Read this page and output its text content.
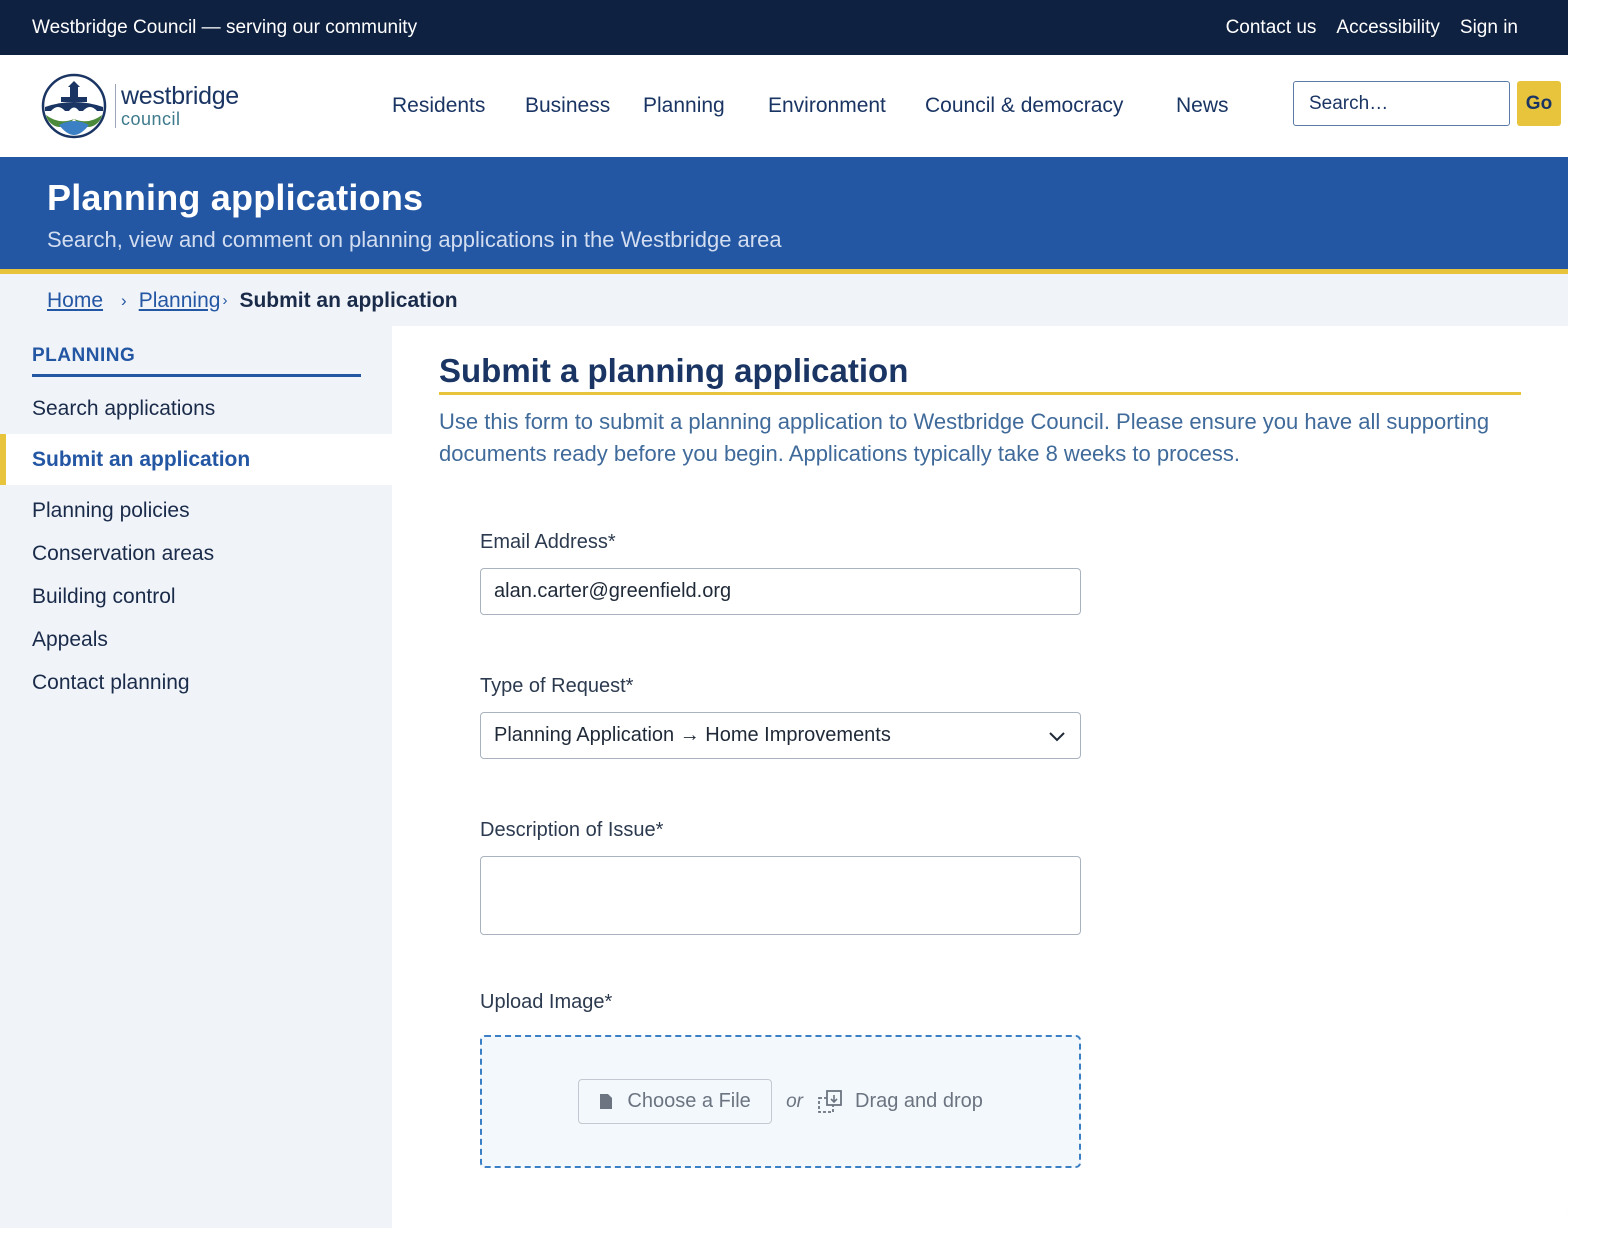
Westbridge Council — serving our community	Contact us Accessibility Sign in
westbridge
council
Residents Business Planning Environment Council & democracy	News
Search…	Go
Planning applications

Search, view and comment on planning applications in the Westbridge area

Home › Planning › Submit an application
PLANNING
Search applications
Submit an application
Planning policies
Conservation areas
Building control
Appeals
Contact planning
Submit a planning application

Use this form to submit a planning application to Westbridge Council. Please ensure you have all supporting documents ready before you begin. Applications typically take 8 weeks to process.

Email Address*
alan.carter@greenfield.org
Type of Request*
Planning Application → Home Improvements
Description of Issue*
Upload Image*
Choose a File or	Drag and drop
